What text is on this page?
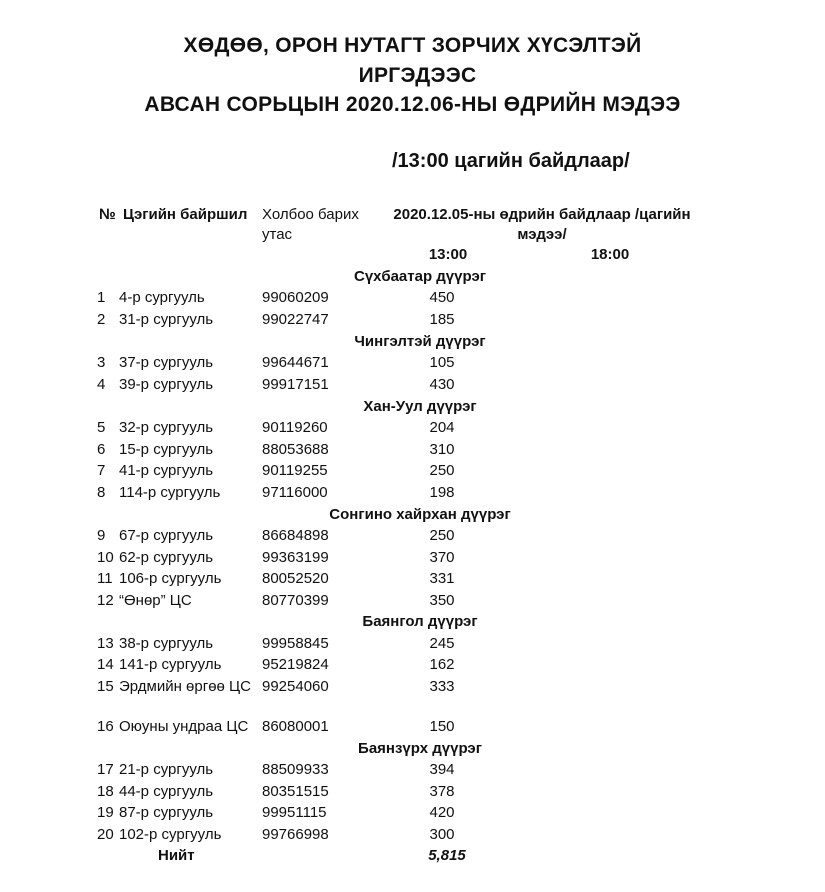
ХӨДӨӨ, ОРОН НУТАГТ ЗОРЧИХ ХҮСЭЛТЭЙ
ИРГЭДЭЭС
АВСАН СОРЬЦЫН 2020.12.06-НЫ ӨДРИЙН МЭДЭЭ
/13:00 цагийн байдлаар/
№ Цэгийн байршил Холбоо барих утас
2020.12.05-ны өдрийн байдлаар /цагийн мэдээ/
13:00	18:00
Сүхбаатар дүүрэг
1 4-р сургууль	99060209	450
2 31-р сургууль	99022747	185
Чингэлтэй дүүрэг
3 37-р сургууль	99644671	105
4 39-р сургууль	99917151	430
Хан-Уул дүүрэг
5 32-р сургууль	90119260	204
6 15-р сургууль	88053688	310
7 41-р сургууль	90119255	250
8 114-р сургууль	97116000	198
Сонгино хайрхан дүүрэг
9 67-р сургууль	86684898	250
10 62-р сургууль	99363199	370
11 106-р сургууль	80052520	331
12 “Өнөр” ЦС	80770399	350
Баянгол дүүрэг
13 38-р сургууль	99958845	245
14 141-р сургууль	95219824	162
15 Эрдмийн өргөө ЦС 99254060	333
16 Оюуны ундраа ЦС 86080001	150
Баянзүрх дүүрэг
17 21-р сургууль	88509933	394
18 44-р сургууль	80351515	378
19 87-р сургууль	99951115	420
20 102-р сургууль	99766998	300
Нийт	5,815
